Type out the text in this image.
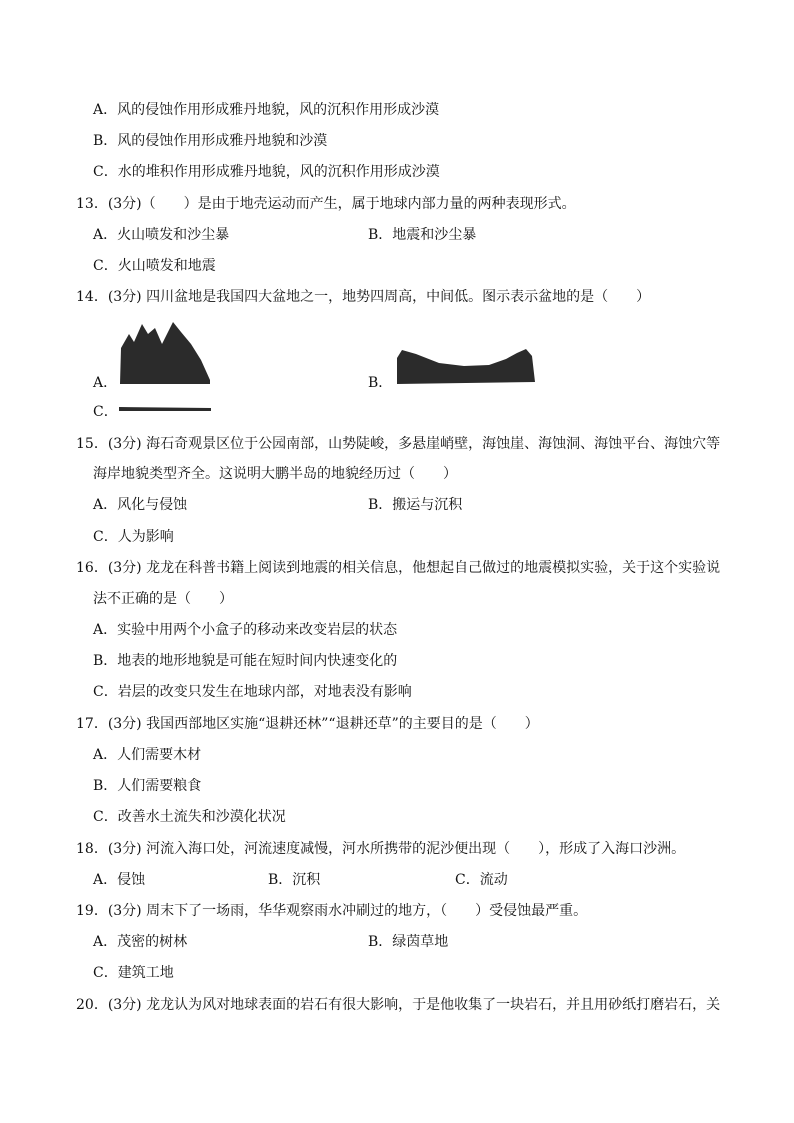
A．风的侵蚀作用形成雅丹地貌，风的沉积作用形成沙漠
B．风的侵蚀作用形成雅丹地貌和沙漠
C．水的堆积作用形成雅丹地貌，风的沉积作用形成沙漠
13．(3分)（　　）是由于地壳运动而产生，属于地球内部力量的两种表现形式。
A．火山喷发和沙尘暴	B．地震和沙尘暴
C．火山喷发和地震
14．(3分) 四川盆地是我国四大盆地之一，地势四周高，中间低。图示表示盆地的是（　　）
A．	B．
C．
15．(3分) 海石奇观景区位于公园南部，山势陡峻，多悬崖峭壁，海蚀崖、海蚀洞、海蚀平台、海蚀穴等
海岸地貌类型齐全。这说明大鹏半岛的地貌经历过（　　）
A．风化与侵蚀	B．搬运与沉积
C．人为影响
16．(3分) 龙龙在科普书籍上阅读到地震的相关信息，他想起自己做过的地震模拟实验，关于这个实验说
法不正确的是（　　）
A．实验中用两个小盒子的移动来改变岩层的状态
B．地表的地形地貌是可能在短时间内快速变化的
C．岩层的改变只发生在地球内部，对地表没有影响
17．(3分) 我国西部地区实施“退耕还林”“退耕还草”的主要目的是（　　）
A．人们需要木材
B．人们需要粮食
C．改善水土流失和沙漠化状况
18．(3分) 河流入海口处，河流速度减慢，河水所携带的泥沙便出现（　　），形成了入海口沙洲。
A．侵蚀	B．沉积	C．流动
19．(3分) 周末下了一场雨，华华观察雨水冲刷过的地方，（　　）受侵蚀最严重。
A．茂密的树林	B．绿茵草地
C．建筑工地
20．(3分) 龙龙认为风对地球表面的岩石有很大影响，于是他收集了一块岩石，并且用砂纸打磨岩石，关
